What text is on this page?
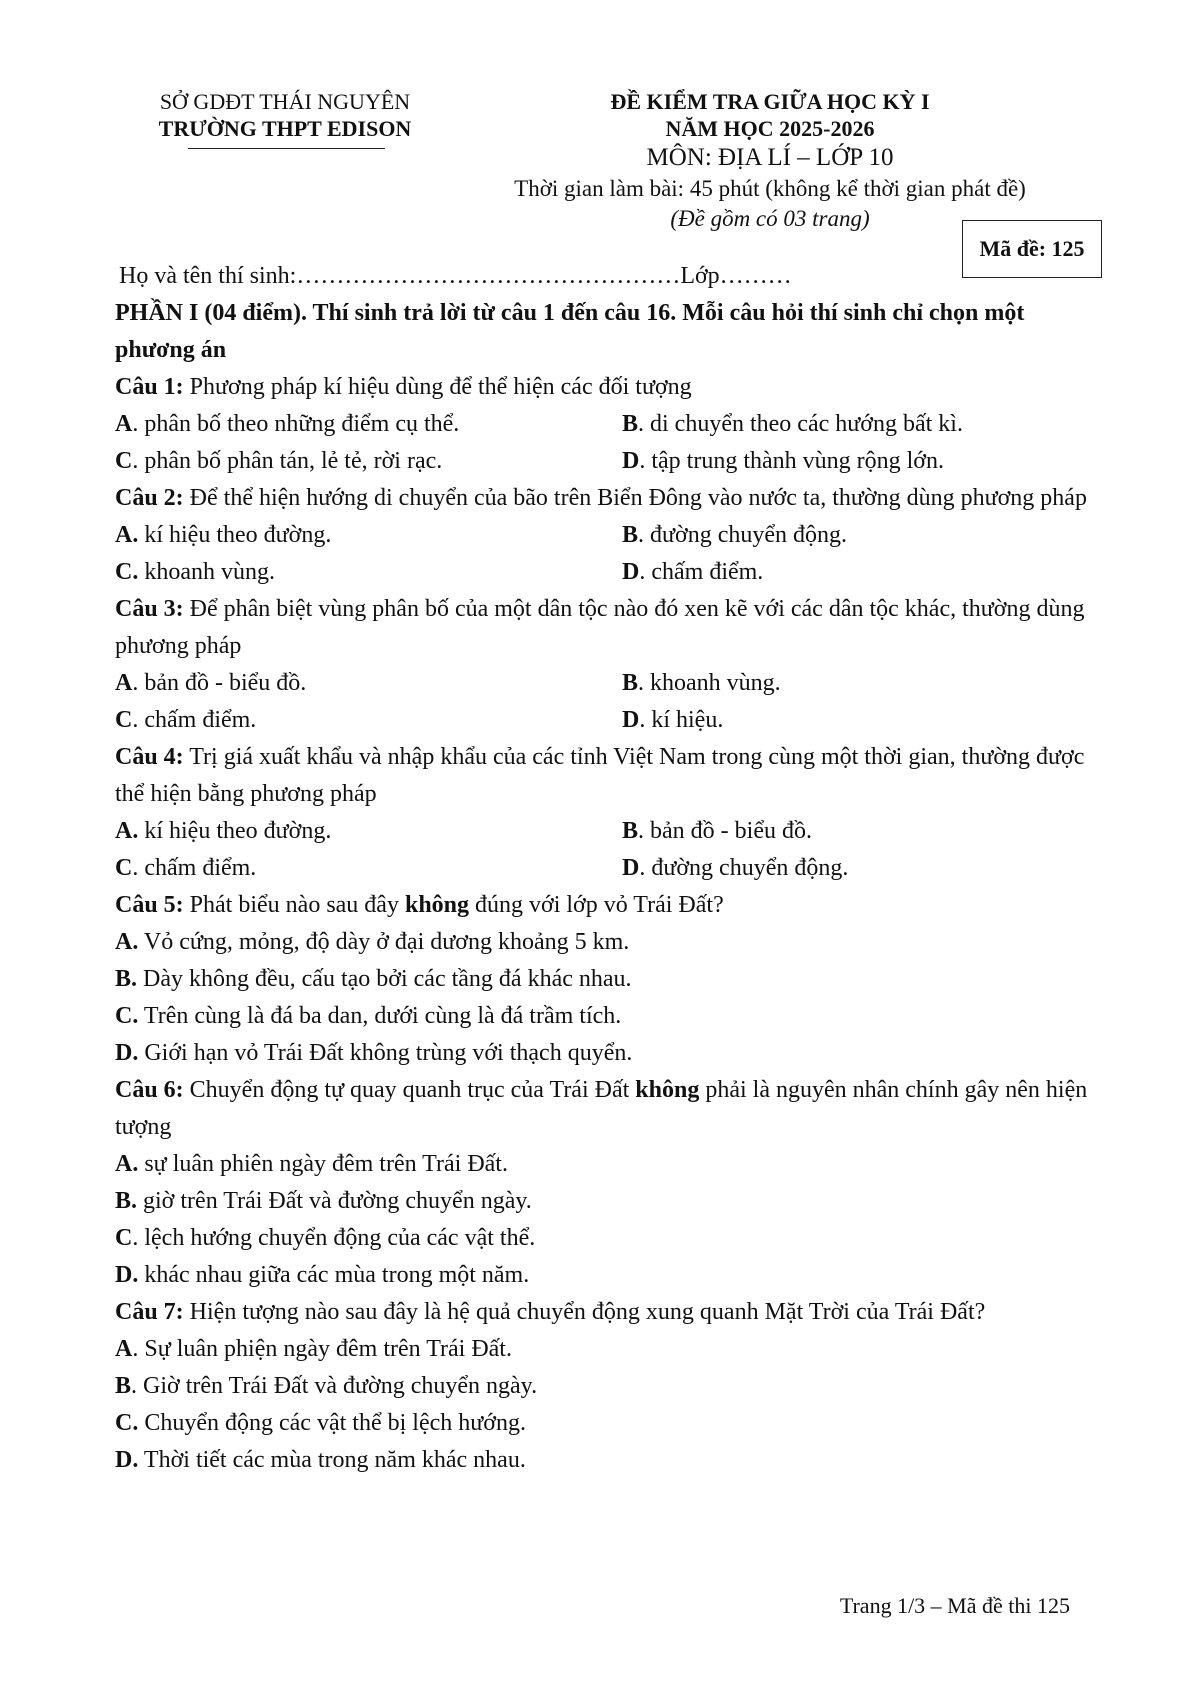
SỞ GDĐT THÁI NGUYÊN
TRƯỜNG THPT EDISON
ĐỀ KIỂM TRA GIỮA HỌC KỲ I
NĂM HỌC 2025-2026
MÔN: ĐỊA LÍ – LỚP 10
Thời gian làm bài: 45 phút (không kể thời gian phát đề)
(Đề gồm có 03 trang)
Mã đề: 125

Họ và tên thí sinh:…………………………………………Lớp………

PHẦN I (04 điểm). Thí sinh trả lời từ câu 1 đến câu 16. Mỗi câu hỏi thí sinh chỉ chọn một phương án

Câu 1: Phương pháp kí hiệu dùng để thể hiện các đối tượng

A. phân bố theo những điểm cụ thể.	B. di chuyển theo các hướng bất kì.
C. phân bố phân tán, lẻ tẻ, rời rạc.	D. tập trung thành vùng rộng lớn.

Câu 2: Để thể hiện hướng di chuyển của bão trên Biển Đông vào nước ta, thường dùng phương pháp

A. kí hiệu theo đường.	B. đường chuyển động.
C. khoanh vùng.	D. chấm điểm.

Câu 3: Để phân biệt vùng phân bố của một dân tộc nào đó xen kẽ với các dân tộc khác, thường dùng phương pháp

A. bản đồ - biểu đồ.	B. khoanh vùng.
C. chấm điểm.	D. kí hiệu.

Câu 4: Trị giá xuất khẩu và nhập khẩu của các tỉnh Việt Nam trong cùng một thời gian, thường được thể hiện bằng phương pháp

A. kí hiệu theo đường.	B. bản đồ - biểu đồ.
C. chấm điểm.	D. đường chuyển động.

Câu 5: Phát biểu nào sau đây không đúng với lớp vỏ Trái Đất?

A. Vỏ cứng, mỏng, độ dày ở đại dương khoảng 5 km.
B. Dày không đều, cấu tạo bởi các tầng đá khác nhau.
C. Trên cùng là đá ba dan, dưới cùng là đá trầm tích.
D. Giới hạn vỏ Trái Đất không trùng với thạch quyển.

Câu 6: Chuyển động tự quay quanh trục của Trái Đất không phải là nguyên nhân chính gây nên hiện tượng

A. sự luân phiên ngày đêm trên Trái Đất.
B. giờ trên Trái Đất và đường chuyển ngày.
C. lệch hướng chuyển động của các vật thể.
D. khác nhau giữa các mùa trong một năm.

Câu 7: Hiện tượng nào sau đây là hệ quả chuyển động xung quanh Mặt Trời của Trái Đất?

A. Sự luân phiện ngày đêm trên Trái Đất.
B. Giờ trên Trái Đất và đường chuyển ngày.
C. Chuyển động các vật thể bị lệch hướng.
D. Thời tiết các mùa trong năm khác nhau.
Trang 1/3 – Mã đề thi 125
